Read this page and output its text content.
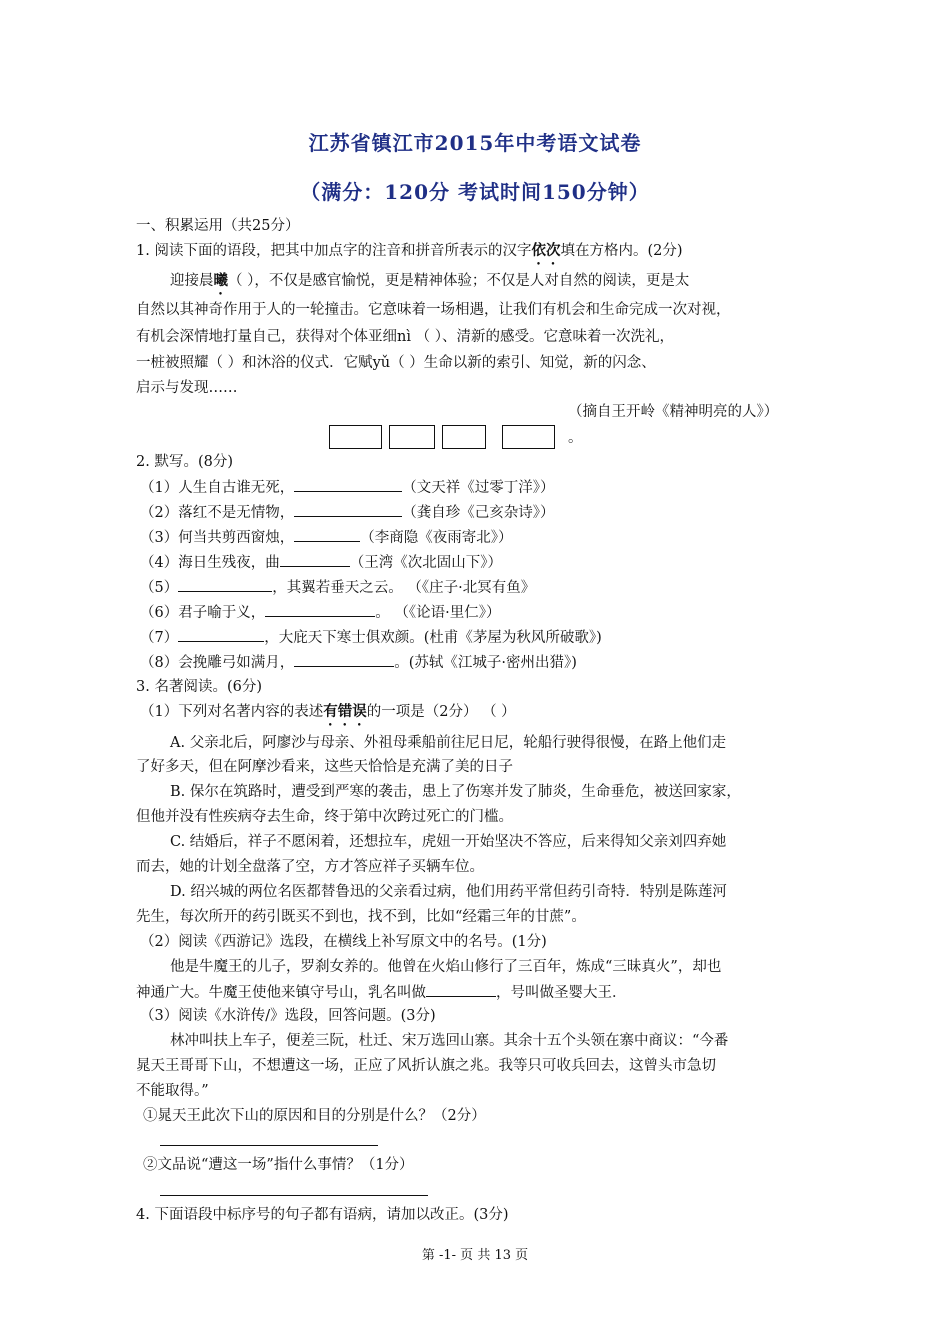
江苏省镇江市2015年中考语文试卷
（满分：120分 考试时间150分钟）
一、积累运用（共25分）
1. 阅读下面的语段，把其中加点字的注音和拼音所表示的汉字依次填在方格内。(2分)
迎接晨曦（ ），不仅是感官愉悦，更是精神体验；不仅是人对自然的阅读，更是太
自然以其神奇作用于人的一轮撞击。它意味着一场相遇，让我们有机会和生命完成一次对视，
有机会深情地打量自己，获得对个体亚细nì （ ）、清新的感受。它意味着一次洗礼，
一桩被照耀（ ）和沐浴的仪式．它赋yǔ（ ）生命以新的索引、知觉，新的闪念、
启示与发现……
（摘自王开岭《精神明亮的人》）
。
2. 默写。(8分)
（1）人生自古谁无死，	（文天祥《过零丁洋》）
（2）落红不是无情物，	（龚自珍《己亥杂诗》）
（3）何当共剪西窗烛，	（李商隐《夜雨寄北》）
（4）海日生残夜，曲	（王湾《次北固山下》）
（5）	，其翼若垂天之云。 （《庄子·北冥有鱼》
（6）君子喻于义，	。 （《论语·里仁》）
（7）	，大庇天下寒士俱欢颜。(杜甫《茅屋为秋风所破歌》)
（8）会挽雕弓如满月，	。(苏轼《江城子·密州出猎》)
3. 名著阅读。(6分)
（1）下列对名著内容的表述有错误的一项是（2分） （ ）
A. 父亲北后，阿廖沙与母亲、外祖母乘船前往尼日尼，轮船行驶得很慢，在路上他们走
了好多天，但在阿摩沙看来，这些天恰恰是充满了美的日子
B. 保尔在筑路时，遭受到严寒的袭击，患上了伤寒并发了肺炎，生命垂危，被送回家家，
但他并没有性疾病夺去生命，终于第中次跨过死亡的门槛。
C. 结婚后，祥子不愿闲着，还想拉车，虎妞一开始坚决不答应，后来得知父亲刘四弃她
而去，她的计划全盘落了空，方才答应祥子买辆车位。
D. 绍兴城的两位名医都替鲁迅的父亲看过病，他们用药平常但药引奇特．特别是陈莲河
先生，每次所开的药引既买不到也，找不到，比如“经霜三年的甘蔗”。
（2）阅读《西游记》选段，在横线上补写原文中的名号。(1分)
他是牛魔王的儿子，罗刹女养的。他曾在火焰山修行了三百年，炼成“三昧真火”，却也
神通广大。牛魔王使他来镇守号山，乳名叫做	，号叫做圣婴大王．
（3）阅读《水浒传/》选段，回答问题。(3分)
林冲叫扶上车子，便差三阮，杜迁、宋万选回山寨。其余十五个头领在寨中商议：“今番
晁天王哥哥下山，不想遭这一场，正应了风折认旗之兆。我等只可收兵回去，这曾头市急切
不能取得。”
①晁天王此次下山的原因和目的分别是什么？（2分）
②文品说“遭这一场”指什么事情？（1分）
4. 下面语段中标序号的句子都有语病，请加以改正。(3分)
第 -1- 页 共 13 页
